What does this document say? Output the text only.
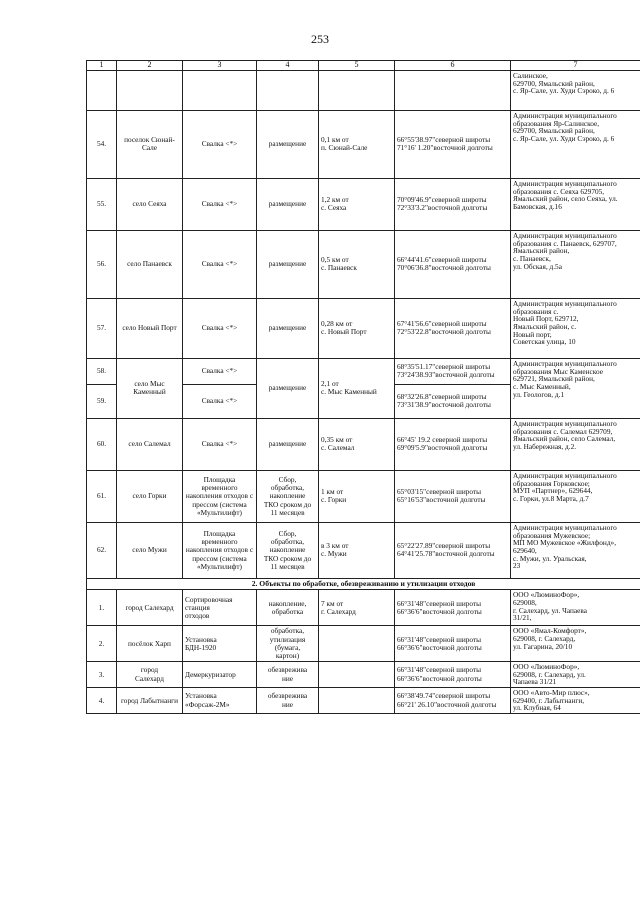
253
1	2	3	4	5	6	7
						Салинское,
629700, Ямальский район,
с. Яр-Сале, ул. Худи Сэроко, д. 6
54.	поселок Сюнай-Сале	Свалка <*>	размещение	0,1 км от
п. Сюнай-Сале	66°55'38.97"северной широты
71°16' 1.20"восточной долготы	Администрация муниципального образования Яр-Салинское,
629700, Ямальский район,
с. Яр-Сале, ул. Худи Сэроко, д. 6
55.	село Сеяха	Свалка <*>	размещение	1,2 км от
с. Сеяха	70°09'46.9"северной широты
72°33'3.2"восточной долготы	Администрация муниципального образования с. Сеяха 629705, Ямальский район, село Сеяха, ул. Бамовская, д.16
56.	село Панаевск	Свалка <*>	размещение	0,5 км от
с. Панаевск	66°44'41.6"северной широты
70°06'36.8"восточной долготы	Администрация муниципального образования с. Панаевск, 629707, Ямальский район,
с. Панаевск,
ул. Обская, д.5а
57.	село Новый Порт	Свалка <*>	размещение	0,28 км от
с. Новый Порт	67°41'56.6"северной широты
72°53'22.8"восточной долготы	Администрация муниципального образования с.
Новый Порт, 629712,
Ямальский район, с.
Новый порт,
Советская улица, 10
58.	село Мыс Каменный	Свалка <*>	размещение	2,1 от
с. Мыс Каменный	68°35'51.17"северной широты
73°24'38.93"восточной долготы	Администрация муниципального образования Мыс Каменское
629721, Ямальский район,
с. Мыс Каменный,
ул. Геологов, д.1
59.		Свалка <*>			68°32'26.8"северной широты
73°31'38.9"восточной долготы	
60.	село Салемал	Свалка <*>	размещение	0,35 км от
с. Салемал	66°45' 19.2 северной широты
69°09'5.9"восточной долготы	Администрация муниципального образования с. Салемал 629709, Ямальский район, село Салемал,
ул. Набережная, д.2.
61.	село Горки	Площадка временного накопления отходов с прессом (система «Мультилифт)	Сбор,
обработка,
накопление
ТКО сроком до
11 месяцев	1 км от
с. Горки	65°03'15"северной широты
65°16'53"восточной долготы	Администрация муниципального образования Горковское;
МУП «Партнер», 629644,
с. Горки, ул.8 Марта, д.7
62.	село Мужи	Площадка временного накопления отходов с прессом (система «Мультилифт)	Сбор,
обработка,
накопление
ТКО сроком до
11 месяцев	в 3 км от
с. Мужи	65°22'27.89"северной широты
64°41'25.78"восточной долготы	Администрация муниципального образования Мужевское;
МП МО Мужевское «Жилфонд», 629640,
с. Мужи, ул. Уральская,
23
2. Объекты по обработке, обезвреживанию и утилизации отходов						
1.	город Салехард	Сортировочная
станция
отходов	накопление,
обработка	7 км от
г. Салехард	66°31'48"северной широты
66°36'6"восточной долготы	ООО «ЛюминоФор»,
629008,
г. Салехард, ул. Чапаева
31/21,
2.	посёлок Харп	Установка
БДН-1920	обработка,
утилизация
(бумага,
картон)		66°31'48"северной широты
66°36'6"восточной долготы	ООО «Ямал-Комфорт»,
629008, г. Салехард,
ул. Гагарина, 20/10
3.	город
Салехард	Демеркуризатор	обезврежива
ние		66°31'48"северной широты
66°36'6"восточной долготы	ООО «ЛюминоФор»,
629008, г. Салехард, ул.
Чапаева 31/21
4.	город Лабытнанги	Установка
«Форсаж-2М»	обезврежива
ние		66°38'49.74"северной широты
66°21' 26.10"восточной долготы	ООО «Авто-Мир плюс»,
629400, г. Лабытнанги,
ул. Клубная, 64
